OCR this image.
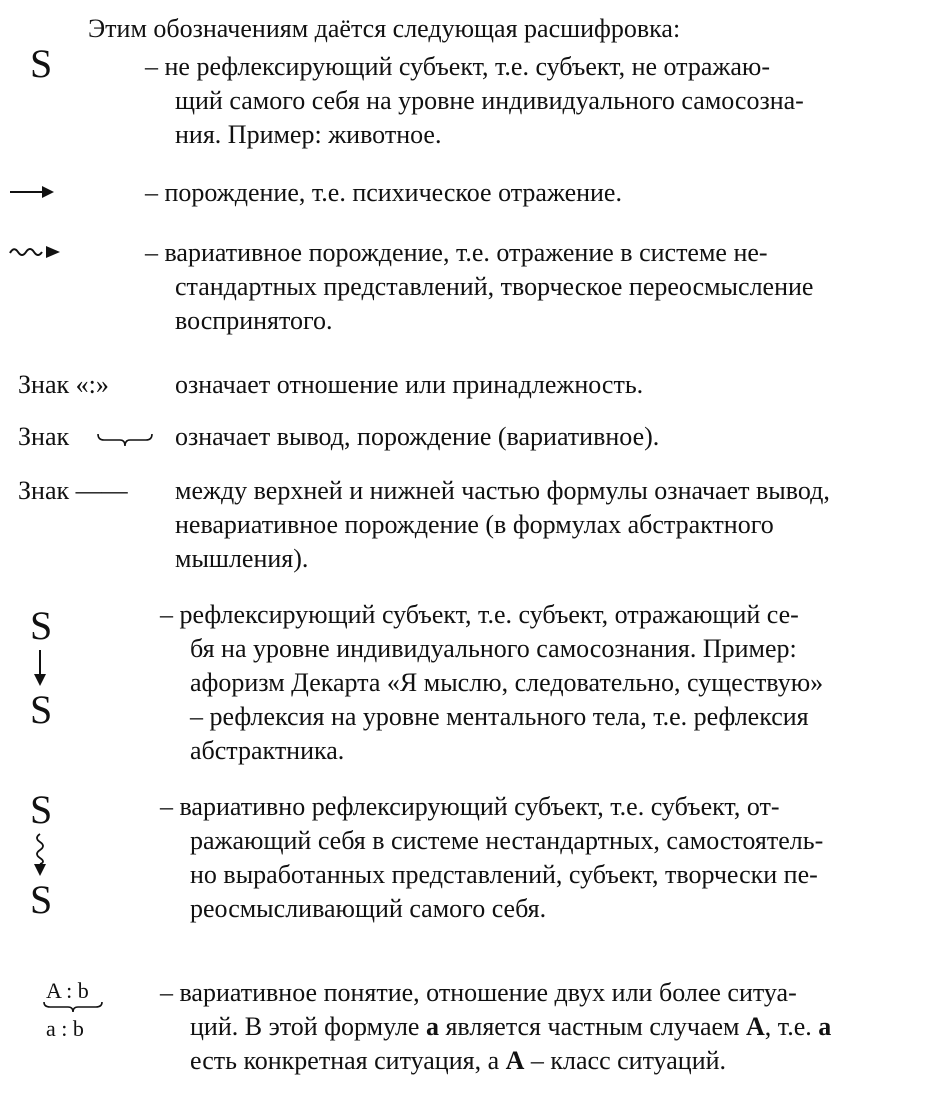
Этим обозначениям даётся следующая расшифровка:
S	– не рефлексирующий субъект, т.е. субъект, не отражаю-
щий самого себя на уровне индивидуального самосозна-
ния. Пример: животное.
– порождение, т.е. психическое отражение.
– вариативное порождение, т.е. отражение в системе не-
стандартных представлений, творческое переосмысление
воспринятого.
Знак «:»	означает отношение или принадлежность.
Знак	означает вывод, порождение (вариативное).
Знак —— между верхней и нижней частью формулы означает вывод,
невариативное порождение (в формулах абстрактного
мышления).
S
S
– рефлексирующий субъект, т.е. субъект, отражающий се-
бя на уровне индивидуального самосознания. Пример:
афоризм Декарта «Я мыслю, следовательно, существую»
– рефлексия на уровне ментального тела, т.е. рефлексия
абстрактника.
S
S
– вариативно рефлексирующий субъект, т.е. субъект, от-
ражающий себя в системе нестандартных, самостоятель-
но выработанных представлений, субъект, творчески пе-
реосмысливающий самого себя.
A : b
a : b
– вариативное понятие, отношение двух или более ситуа-
ций. В этой формуле a является частным случаем A, т.е. a
есть конкретная ситуация, а A – класс ситуаций.
